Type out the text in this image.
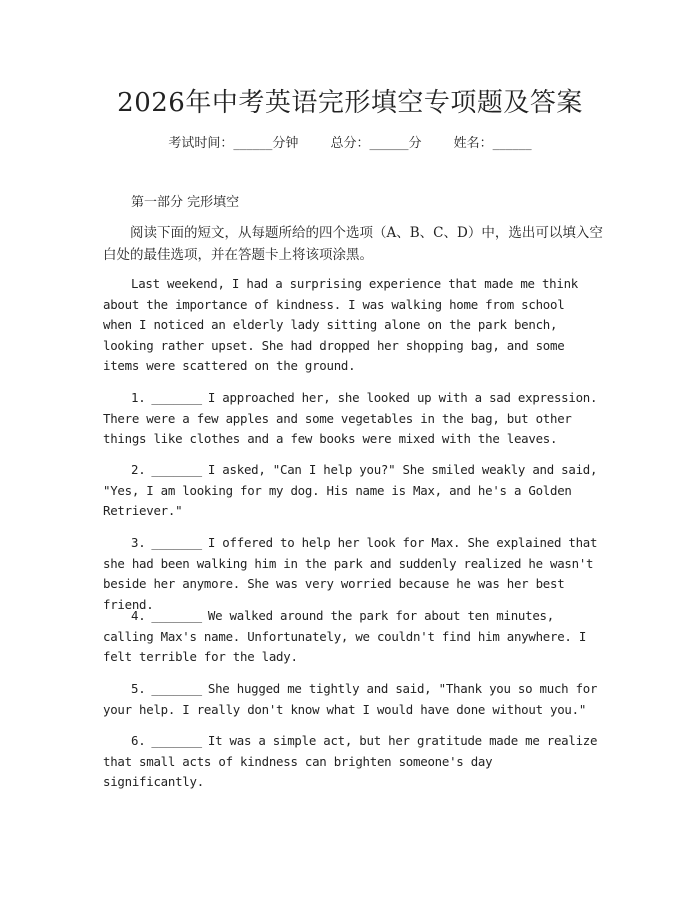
2026年中考英语完形填空专项题及答案
考试时间：______分钟 总分：______分 姓名：______
第一部分 完形填空
阅读下面的短文，从每题所给的四个选项（A、B、C、D）中，选出可以填入空白处的最佳选项，并在答题卡上将该项涂黑。
Last weekend, I had a surprising experience that made me think about the importance of kindness. I was walking home from school when I noticed an elderly lady sitting alone on the park bench, looking rather upset. She had dropped her shopping bag, and some items were scattered on the ground.
1. _______ I approached her, she looked up with a sad expression. There were a few apples and some vegetables in the bag, but other things like clothes and a few books were mixed with the leaves.
2. _______ I asked, "Can I help you?" She smiled weakly and said, "Yes, I am looking for my dog. His name is Max, and he's a Golden Retriever."
3. _______ I offered to help her look for Max. She explained that she had been walking him in the park and suddenly realized he wasn't beside her anymore. She was very worried because he was her best friend.
4. _______ We walked around the park for about ten minutes, calling Max's name. Unfortunately, we couldn't find him anywhere. I felt terrible for the lady.
5. _______ She hugged me tightly and said, "Thank you so much for your help. I really don't know what I would have done without you."
6. _______ It was a simple act, but her gratitude made me realize that small acts of kindness can brighten someone's day significantly.
